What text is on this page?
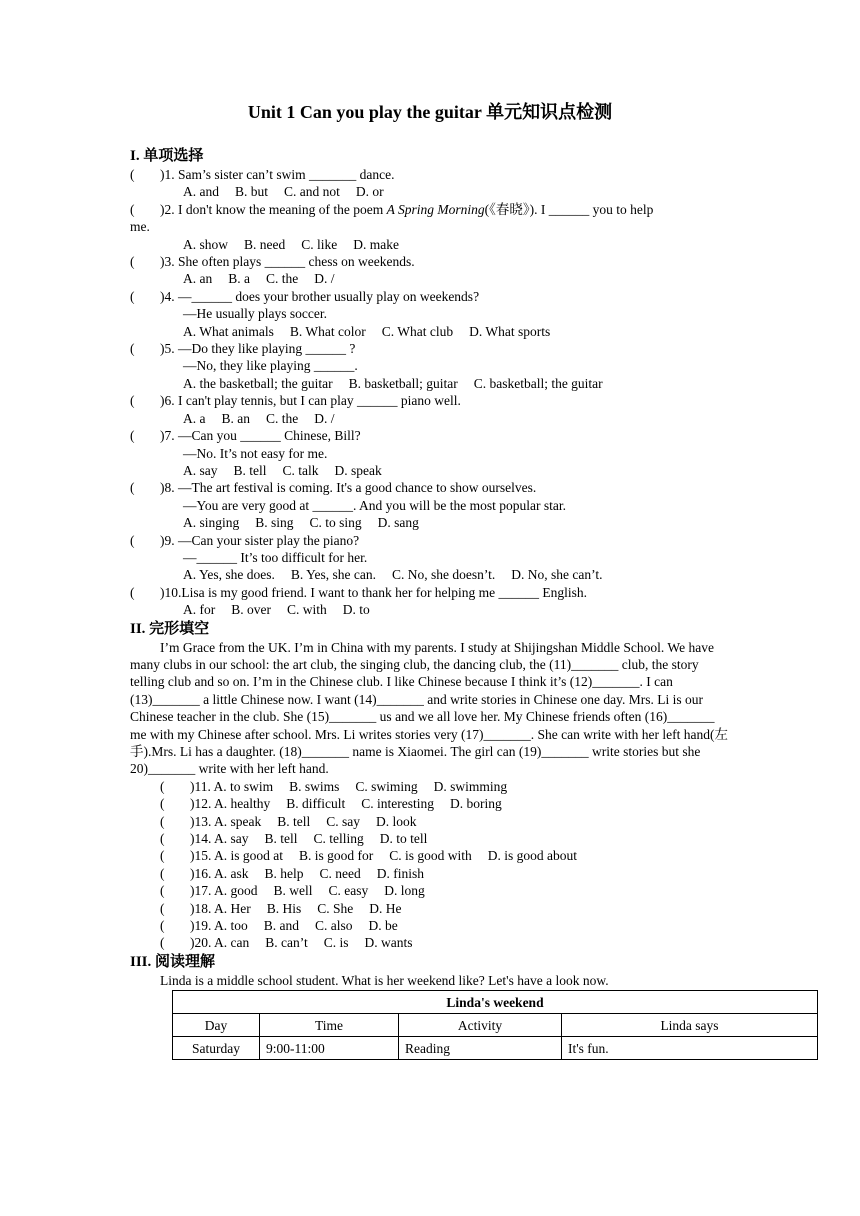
Unit 1 Can you play the guitar 单元知识点检测
I. 单项选择
(	)1. Sam’s sister can’t swim _______ dance.
A. and B. but C. and not D. or
(	)2. I don't know the meaning of the poem A Spring Morning(《春晓》). I ______ you to help
me.
A. show B. need C. like D. make
(	)3. She often plays ______ chess on weekends.
A. an B. a C. the D. /
(	)4. —______ does your brother usually play on weekends?
—He usually plays soccer.
A. What animals B. What color C. What club D. What sports
(	)5. —Do they like playing ______ ?
—No, they like playing ______.
A. the basketball; the guitar B. basketball; guitar C. basketball; the guitar
(	)6. I can't play tennis, but I can play ______ piano well.
A. a B. an C. the D. /
(	)7. —Can you ______ Chinese, Bill?
—No. It’s not easy for me.
A. say B. tell C. talk D. speak
(	)8. —The art festival is coming. It's a good chance to show ourselves.
—You are very good at ______. And you will be the most popular star.
A. singing B. sing C. to sing D. sang
(	)9. —Can your sister play the piano?
—______ It’s too difficult for her.
A. Yes, she does. B. Yes, she can. C. No, she doesn’t. D. No, she can’t.
(	)10.Lisa is my good friend. I want to thank her for helping me ______ English.
A. for B. over C. with D. to
II. 完形填空

I’m Grace from the UK. I’m in China with my parents. I study at Shijingshan Middle School. We have many clubs in our school: the art club, the singing club, the dancing club, the (11)_______ club, the story telling club and so on. I’m in the Chinese club. I like Chinese because I think it’s (12)_______. I can (13)_______ a little Chinese now. I want (14)_______ and write stories in Chinese one day. Mrs. Li is our Chinese teacher in the club. She (15)_______ us and we all love her. My Chinese friends often (16)_______ me with my Chinese after school. Mrs. Li writes stories very (17)_______. She can write with her left hand(左手).Mrs. Li has a daughter. (18)_______ name is Xiaomei. The girl can (19)_______ write stories but she 20)_______ write with her left hand.

(	)11. A. to swim B. swims C. swiming D. swimming
(	)12. A. healthy B. difficult C. interesting D. boring
(	)13. A. speak B. tell C. say D. look
(	)14. A. say B. tell C. telling D. to tell
(	)15. A. is good at B. is good for C. is good with D. is good about
(	)16. A. ask B. help C. need D. finish
(	)17. A. good B. well C. easy D. long
(	)18. A. Her B. His C. She D. He
(	)19. A. too B. and C. also D. be
(	)20. A. can B. can’t C. is D. wants
III. 阅读理解
Linda is a middle school student. What is her weekend like? Let's have a look now.
Linda's weekend			
Day	Time	Activity	Linda says
Saturday	9:00-11:00	Reading	It's fun.
